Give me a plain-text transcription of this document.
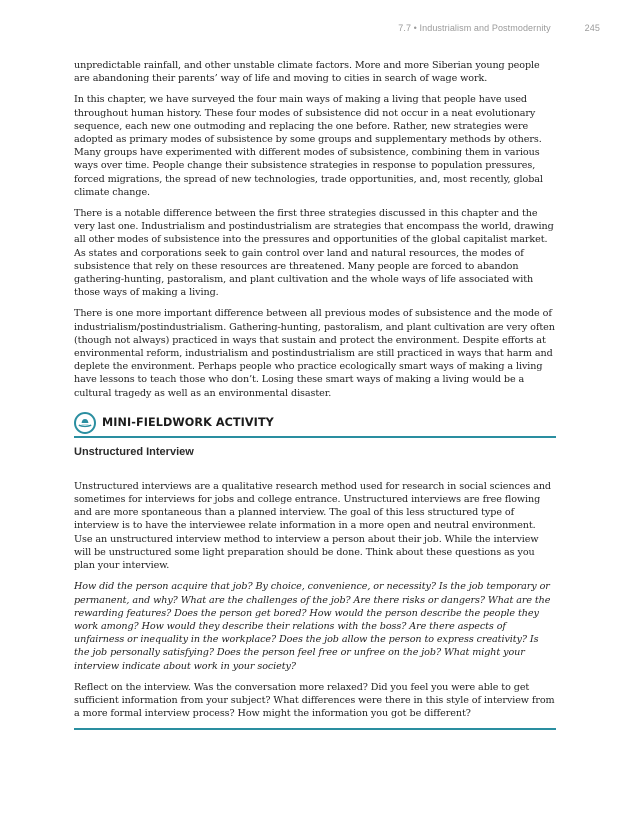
7.7 • Industrialism and Postmodernity	245

unpredictable rainfall, and other unstable climate factors. More and more Siberian young people are abandoning their parents’ way of life and moving to cities in search of wage work.

In this chapter, we have surveyed the four main ways of making a living that people have used throughout human history. These four modes of subsistence did not occur in a neat evolutionary sequence, each new one outmoding and replacing the one before. Rather, new strategies were adopted as primary modes of subsistence by some groups and supplementary methods by others. Many groups have experimented with different modes of subsistence, combining them in various ways over time. People change their subsistence strategies in response to population pressures, forced migrations, the spread of new technologies, trade opportunities, and, most recently, global climate change.

There is a notable difference between the first three strategies discussed in this chapter and the very last one. Industrialism and postindustrialism are strategies that encompass the world, drawing all other modes of subsistence into the pressures and opportunities of the global capitalist market. As states and corporations seek to gain control over land and natural resources, the modes of subsistence that rely on these resources are threatened. Many people are forced to abandon gathering-hunting, pastoralism, and plant cultivation and the whole ways of life associated with those ways of making a living.

There is one more important difference between all previous modes of subsistence and the mode of industrialism/postindustrialism. Gathering-hunting, pastoralism, and plant cultivation are very often (though not always) practiced in ways that sustain and protect the environment. Despite efforts at environmental reform, industrialism and postindustrialism are still practiced in ways that harm and deplete the environment. Perhaps people who practice ecologically smart ways of making a living have lessons to teach those who don’t. Losing these smart ways of making a living would be a cultural tragedy as well as an environmental disaster.

MINI-FIELDWORK ACTIVITY
Unstructured Interview

Unstructured interviews are a qualitative research method used for research in social sciences and sometimes for interviews for jobs and college entrance. Unstructured interviews are free flowing and are more spontaneous than a planned interview. The goal of this less structured type of interview is to have the interviewee relate information in a more open and neutral environment. Use an unstructured interview method to interview a person about their job. While the interview will be unstructured some light preparation should be done. Think about these questions as you plan your interview.

How did the person acquire that job? By choice, convenience, or necessity? Is the job temporary or permanent, and why? What are the challenges of the job? Are there risks or dangers? What are the rewarding features? Does the person get bored? How would the person describe the people they work among? How would they describe their relations with the boss? Are there aspects of unfairness or inequality in the workplace? Does the job allow the person to express creativity? Is the job personally satisfying? Does the person feel free or unfree on the job? What might your interview indicate about work in your society?

Reflect on the interview. Was the conversation more relaxed? Did you feel you were able to get sufficient information from your subject? What differences were there in this style of interview from a more formal interview process? How might the information you got be different?
